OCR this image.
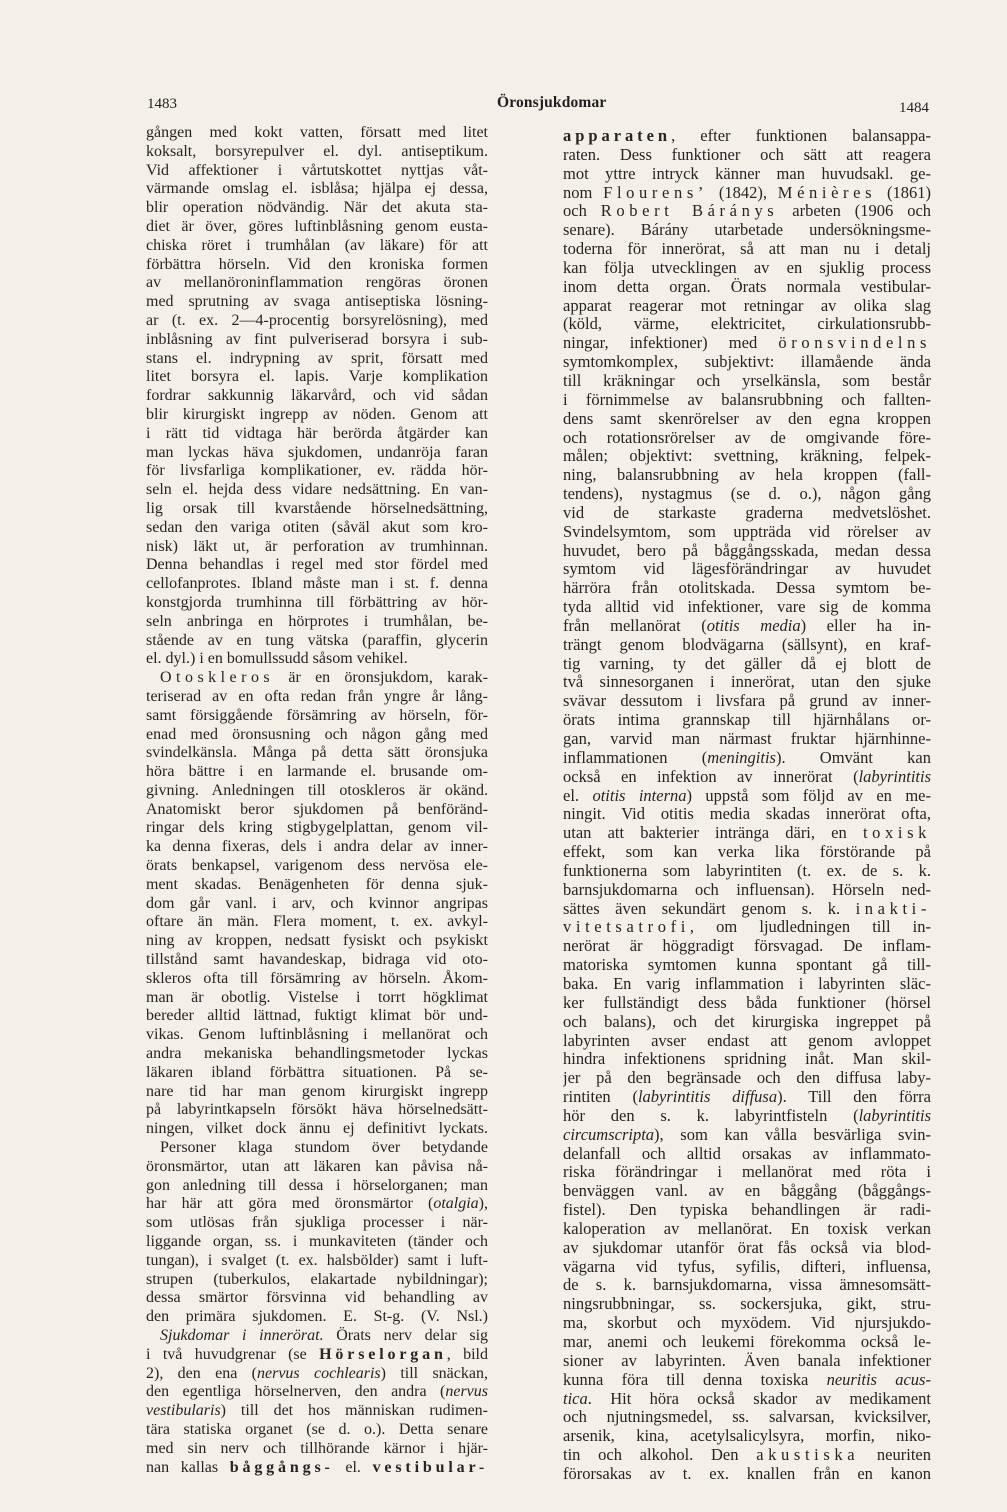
1483	Öronsjukdomar	1484
gången med kokt vatten, försatt med litet
koksalt, borsyrepulver el. dyl. antiseptikum.
Vid affektioner i vårtutskottet nyttjas våt-
värmande omslag el. isblåsa; hjälpa ej dessa,
blir operation nödvändig. När det akuta sta-
diet är över, göres luftinblåsning genom eusta-
chiska röret i trumhålan (av läkare) för att
förbättra hörseln. Vid den kroniska formen
av mellanöroninflammation rengöras öronen
med sprutning av svaga antiseptiska lösning-
ar (t. ex. 2—4-procentig borsyrelösning), med
inblåsning av fint pulveriserad borsyra i sub-
stans el. indrypning av sprit, försatt med
litet borsyra el. lapis. Varje komplikation
fordrar sakkunnig läkarvård, och vid sådan
blir kirurgiskt ingrepp av nöden. Genom att
i rätt tid vidtaga här berörda åtgärder kan
man lyckas häva sjukdomen, undanröja faran
för livsfarliga komplikationer, ev. rädda hör-
seln el. hejda dess vidare nedsättning. En van-
lig orsak till kvarstående hörselnedsättning,
sedan den variga otiten (såväl akut som kro-
nisk) läkt ut, är perforation av trumhinnan.
Denna behandlas i regel med stor fördel med
cellofanprotes. Ibland måste man i st. f. denna
konstgjorda trumhinna till förbättring av hör-
seln anbringa en hörprotes i trumhålan, be-
stående av en tung vätska (paraffin, glycerin
el. dyl.) i en bomullssudd såsom vehikel.
Otoskleros är en öronsjukdom, karak-
teriserad av en ofta redan från yngre år lång-
samt försiggående försämring av hörseln, för-
enad med öronsusning och någon gång med
svindelkänsla. Många på detta sätt öronsjuka
höra bättre i en larmande el. brusande om-
givning. Anledningen till otoskleros är okänd.
Anatomiskt beror sjukdomen på benföränd-
ringar dels kring stigbygelplattan, genom vil-
ka denna fixeras, dels i andra delar av inner-
örats benkapsel, varigenom dess nervösa ele-
ment skadas. Benägenheten för denna sjuk-
dom går vanl. i arv, och kvinnor angripas
oftare än män. Flera moment, t. ex. avkyl-
ning av kroppen, nedsatt fysiskt och psykiskt
tillstånd samt havandeskap, bidraga vid oto-
skleros ofta till försämring av hörseln. Åkom-
man är obotlig. Vistelse i torrt högklimat
bereder alltid lättnad, fuktigt klimat bör und-
vikas. Genom luftinblåsning i mellanörat och
andra mekaniska behandlingsmetoder lyckas
läkaren ibland förbättra situationen. På se-
nare tid har man genom kirurgiskt ingrepp
på labyrintkapseln försökt häva hörselnedsätt-
ningen, vilket dock ännu ej definitivt lyckats.
Personer klaga stundom över betydande
öronsmärtor, utan att läkaren kan påvisa nå-
gon anledning till dessa i hörselorganen; man
har här att göra med öronsmärtor (otalgia),
som utlösas från sjukliga processer i när-
liggande organ, ss. i munkaviteten (tänder och
tungan), i svalget (t. ex. halsbölder) samt i luft-
strupen (tuberkulos, elakartade nybildningar);
dessa smärtor försvinna vid behandling av
den primära sjukdomen. E. St-g. (V. Nsl.)
Sjukdomar i innerörat. Örats nerv delar sig
i två huvudgrenar (se Hörselorgan, bild
2), den ena (nervus cochlearis) till snäckan,
den egentliga hörselnerven, den andra (nervus
vestibularis) till det hos människan rudimen-
tära statiska organet (se d. o.). Detta senare
med sin nerv och tillhörande kärnor i hjär-
nan kallas båggångs- el. vestibular-
apparaten, efter funktionen balansappa-
raten. Dess funktioner och sätt att reagera
mot yttre intryck känner man huvudsakl. ge-
nom Flourens’ (1842), Ménières (1861)
och Robert Báránys arbeten (1906 och
senare). Bárány utarbetade undersökningsme-
toderna för innerörat, så att man nu i detalj
kan följa utvecklingen av en sjuklig process
inom detta organ. Örats normala vestibular-
apparat reagerar mot retningar av olika slag
(köld, värme, elektricitet, cirkulationsrubb-
ningar, infektioner) med öronsvindelns
symtomkomplex, subjektivt: illamående ända
till kräkningar och yrselkänsla, som består
i förnimmelse av balansrubbning och fallten-
dens samt skenrörelser av den egna kroppen
och rotationsrörelser av de omgivande före-
målen; objektivt: svettning, kräkning, felpek-
ning, balansrubbning av hela kroppen (fall-
tendens), nystagmus (se d. o.), någon gång
vid de starkaste graderna medvetslöshet.
Svindelsymtom, som uppträda vid rörelser av
huvudet, bero på båggångsskada, medan dessa
symtom vid lägesförändringar av huvudet
härröra från otolitskada. Dessa symtom be-
tyda alltid vid infektioner, vare sig de komma
från mellanörat (otitis media) eller ha in-
trängt genom blodvägarna (sällsynt), en kraf-
tig varning, ty det gäller då ej blott de
två sinnesorganen i innerörat, utan den sjuke
svävar dessutom i livsfara på grund av inner-
örats intima grannskap till hjärnhålans or-
gan, varvid man närmast fruktar hjärnhinne-
inflammationen (meningitis). Omvänt kan
också en infektion av innerörat (labyrintitis
el. otitis interna) uppstå som följd av en me-
ningit. Vid otitis media skadas innerörat ofta,
utan att bakterier intränga däri, en toxisk
effekt, som kan verka lika förstörande på
funktionerna som labyrintiten (t. ex. de s. k.
barnsjukdomarna och influensan). Hörseln ned-
sättes även sekundärt genom s. k. inakti-
vitetsatrofi, om ljudledningen till in-
nerörat är höggradigt försvagad. De inflam-
matoriska symtomen kunna spontant gå till-
baka. En varig inflammation i labyrinten släc-
ker fullständigt dess båda funktioner (hörsel
och balans), och det kirurgiska ingreppet på
labyrinten avser endast att genom avloppet
hindra infektionens spridning inåt. Man skil-
jer på den begränsade och den diffusa laby-
rintiten (labyrintitis diffusa). Till den förra
hör den s. k. labyrintfisteln (labyrintitis
circumscripta), som kan vålla besvärliga svin-
delanfall och alltid orsakas av inflammato-
riska förändringar i mellanörat med röta i
benväggen vanl. av en båggång (båggångs-
fistel). Den typiska behandlingen är radi-
kaloperation av mellanörat. En toxisk verkan
av sjukdomar utanför örat fås också via blod-
vägarna vid tyfus, syfilis, difteri, influensa,
de s. k. barnsjukdomarna, vissa ämnesomsätt-
ningsrubbningar, ss. sockersjuka, gikt, stru-
ma, skorbut och myxödem. Vid njursjukdo-
mar, anemi och leukemi förekomma också le-
sioner av labyrinten. Även banala infektioner
kunna föra till denna toxiska neuritis acus-
tica. Hit höra också skador av medikament
och njutningsmedel, ss. salvarsan, kvicksilver,
arsenik, kina, acetylsalicylsyra, morfin, niko-
tin och alkohol. Den akustiska neuriten
förorsakas av t. ex. knallen från en kanon
